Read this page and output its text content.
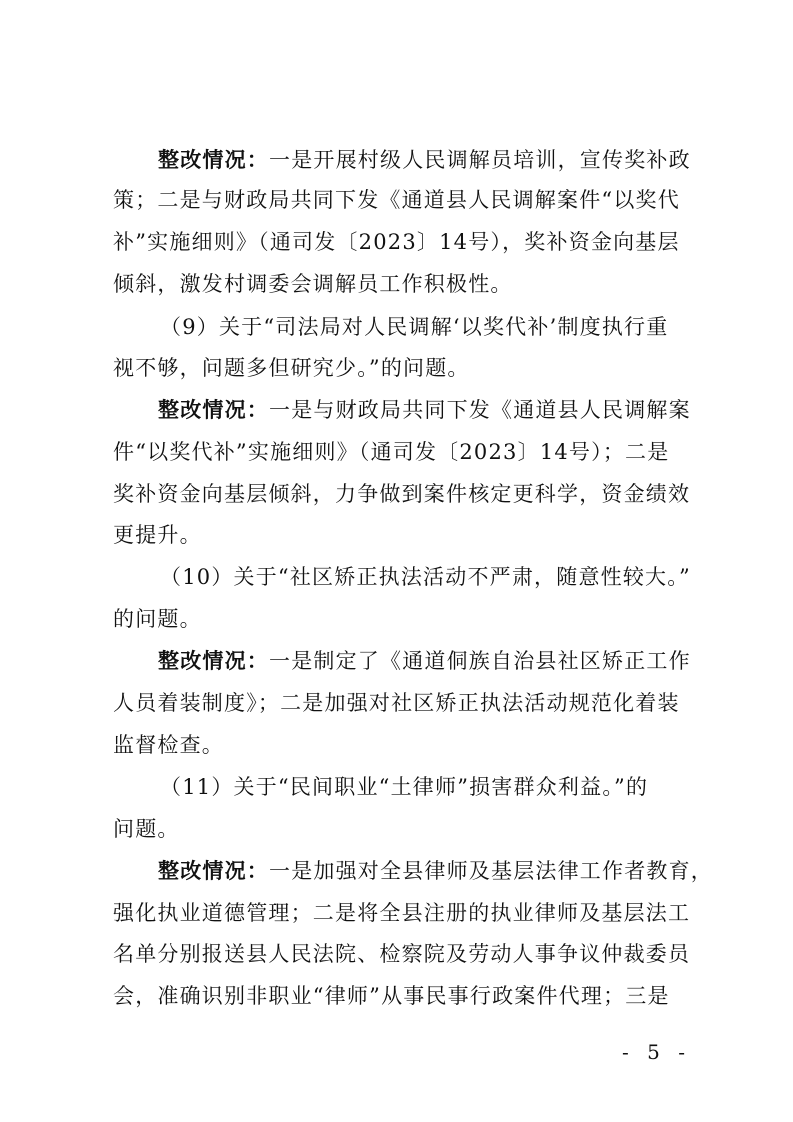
整改情况：一是开展村级人民调解员培训，宣传奖补政
策；二是与财政局共同下发《通道县人民调解案件“以奖代
补”实施细则》（通司发〔2023〕14号），奖补资金向基层
倾斜，激发村调委会调解员工作积极性。
（9）关于“司法局对人民调解‘以奖代补’制度执行重
视不够，问题多但研究少。”的问题。
整改情况：一是与财政局共同下发《通道县人民调解案
件“以奖代补”实施细则》（通司发〔2023〕14号）；二是
奖补资金向基层倾斜，力争做到案件核定更科学，资金绩效
更提升。
（10）关于“社区矫正执法活动不严肃，随意性较大。”
的问题。
整改情况：一是制定了《通道侗族自治县社区矫正工作
人员着装制度》；二是加强对社区矫正执法活动规范化着装
监督检查。
（11）关于“民间职业“土律师”损害群众利益。”的
问题。
整改情况：一是加强对全县律师及基层法律工作者教育，
强化执业道德管理；二是将全县注册的执业律师及基层法工
名单分别报送县人民法院、检察院及劳动人事争议仲裁委员
会，准确识别非职业“律师”从事民事行政案件代理；三是
- 5 -
